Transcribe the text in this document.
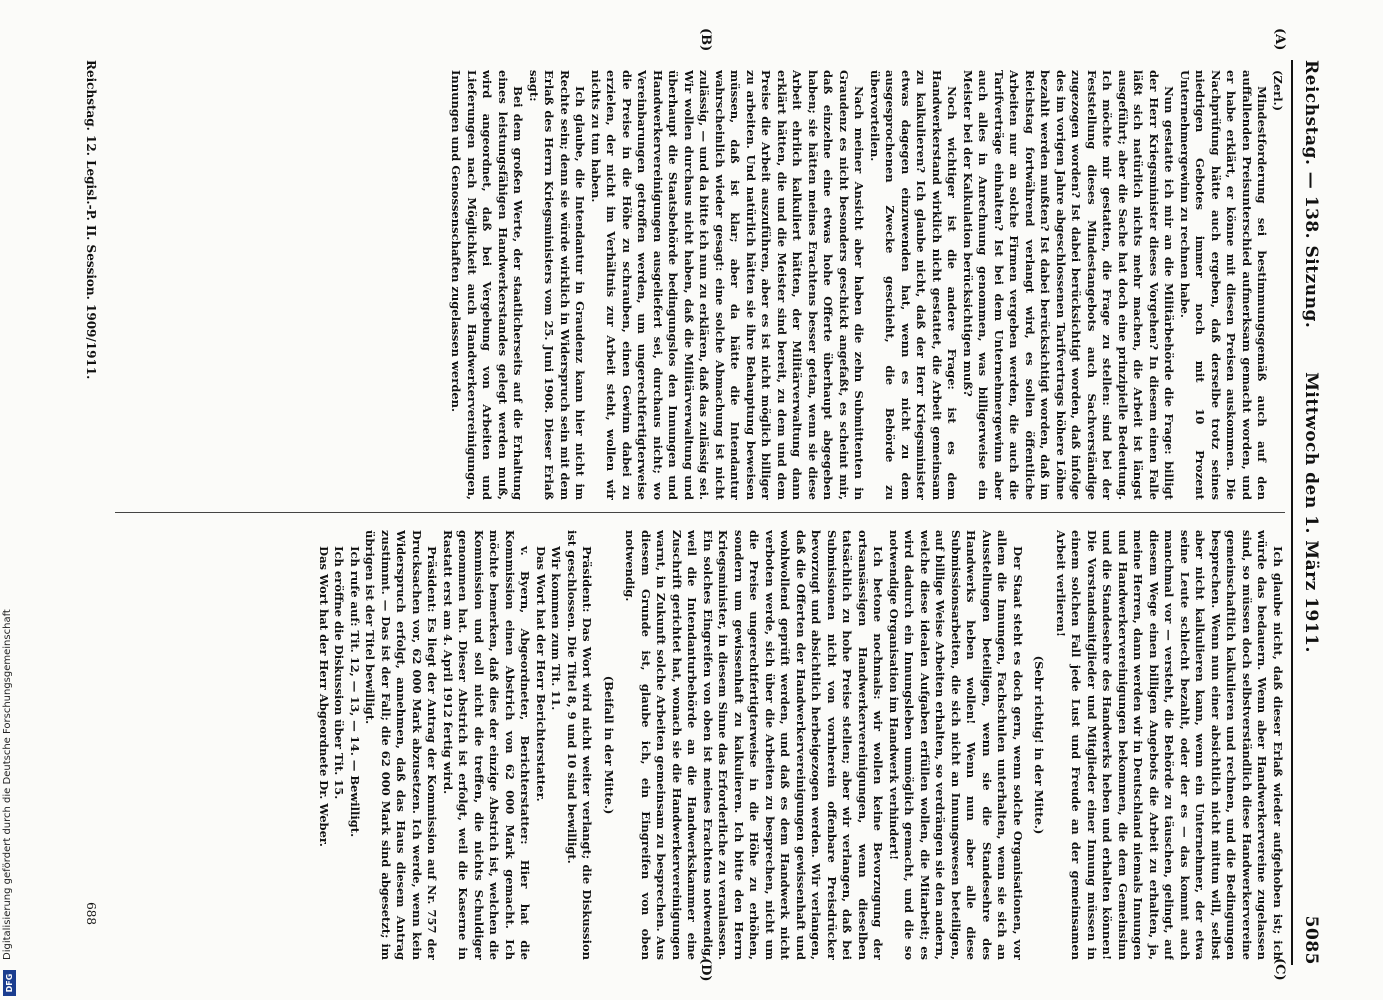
Reichstag. — 138. Sitzung.
Mittwoch den 1. März 1911.
5085
(A)
(B)
(C)
(D)

(Zerl.)

Mindestforderung sei bestimmungsgemäß auch auf den auffallenden Preisunterschied aufmerksam gemacht worden, und er habe erklärt, er könne mit diesen Preisen auskommen. Die Nachprüfung hätte auch ergeben, daß derselbe trotz seines niedrigen Gebotes immer noch mit 10 Prozent Unternehmergewinn zu rechnen habe.

Nun gestatte ich mir an die Militärbehörde die Frage: billigt der Herr Kriegsminister dieses Vorgehen? In diesem einen Falle läßt sich natürlich nichts mehr machen, die Arbeit ist längst ausgeführt; aber die Sache hat doch eine prinzipielle Bedeutung. Ich möchte mir gestatten, die Frage zu stellen: sind bei der Feststellung dieses Mindestangebots auch Sachverständige zugezogen worden? Ist dabei berücksichtigt worden, daß infolge des im vorigen Jahre abgeschlossenen Tarifvertrags höhere Löhne bezahlt werden mußten? Ist dabei berücksichtigt worden, daß im Reichstag fortwährend verlangt wird, es sollen öffentliche Arbeiten nur an solche Firmen vergeben werden, die auch die Tarifverträge einhalten? Ist bei dem Unternehmergewinn aber auch alles in Anrechnung genommen, was billigerweise ein Meister bei der Kalkulation berücksichtigen muß?

Noch wichtiger ist die andere Frage: ist es dem Handwerkerstand wirklich nicht gestattet, die Arbeit gemeinsam zu kalkulieren? Ich glaube nicht, daß der Herr Kriegsminister etwas dagegen einzuwenden hat, wenn es nicht zu dem ausgesprochenen Zwecke geschieht, die Behörde zu übervorteilen.

Nach meiner Ansicht aber haben die zehn Submittenten in Graudenz es nicht besonders geschickt angefaßt, es scheint mir, daß einzelne eine etwas hohe Offerte überhaupt abgegeben haben; sie hätten meines Erachtens besser getan, wenn sie diese Arbeit ehrlich kalkuliert hätten, der Militärverwaltung dann erklärt hätten, die und die Meister sind bereit, zu dem und dem Preise die Arbeit auszuführen, aber es ist nicht möglich billiger zu arbeiten. Und natürlich hätten sie ihre Behauptung beweisen müssen, daß ist klar; aber da hätte die Intendantur wahrscheinlich wieder gesagt: eine solche Abmachung ist nicht zulässig, — und da bitte ich nun zu erklären, daß das zulässig sei. Wir wollen durchaus nicht haben, daß die Militärverwaltung und überhaupt die Staatsbehörde bedingungslos den Innungen und Handwerkervereinigungen ausgeliefert sei, durchaus nicht; wo Vereinbarungen getroffen werden, um ungerechtfertigterweise die Preise in die Höhe zu schrauben, einen Gewinn dabei zu erzielen, der nicht im Verhältnis zur Arbeit steht, wollen wir nichts zu tun haben.

Ich glaube, die Intendantur in Graudenz kann hier nicht im Rechte sein; denn sie würde wirklich in Widerspruch sein mit dem Erlaß des Herrn Kriegsministers vom 25. Juni 1908. Dieser Erlaß sagt:

Bei dem großen Werte, der staatlicherseits auf die Erhaltung eines leistungsfähigen Handwerkerstandes gelegt werden muß, wird angeordnet, daß bei Vergebung von Arbeiten und Lieferungen nach Möglichkeit auch Handwerkervereinigungen, Innungen und Genossenschaften zugelassen werden.

Ich glaube nicht, daß dieser Erlaß wieder aufgehoben ist; ich würde das bedauern. Wenn aber Handwerkervereine zugelassen sind, so müssen doch selbstverständlich diese Handwerkervereine gemeinschaftlich kalkulieren und rechnen, und die Bedingungen besprechen. Wenn nun einer absichtlich nicht mittun will, selbst aber nicht kalkulieren kann, wenn ein Unternehmer, der etwa seine Leute schlecht bezahlt, oder der es — das kommt auch manchmal vor — versteht, die Behörde zu täuschen, gelingt, auf diesem Wege einen billigen Angebots die Arbeit zu erhalten, ja, meine Herren, dann werden wir in Deutschland niemals Innungen und Handwerkervereinigungen bekommen, die dem Gemeinsinn und die Standesehre des Handwerks heben und erhalten können! Die Vorstandsmitglieder und Mitglieder einer Innung müssen in einem solchen Fall jede Lust und Freude an der gemeinsamen Arbeit verlieren!

(Sehr richtig! in der Mitte.)

Der Staat steht es doch gern, wenn solche Organisationen, vor allem die Innungen, Fachschulen unterhalten, wenn sie sich an Ausstellungen beteiligen, wenn sie die Standesehre des Handwerks heben wollen! Wenn nun aber alle diese Submissionsarbeiten, die sich nicht an Innungswesen beteiligen, auf billige Weise Arbeiten erhalten, so verdrängen sie den andern, welche diese idealen Aufgaben erfüllen wollen, die Mitarbeit; es wird dadurch ein Innungsleben unmöglich gemacht, und die so notwendige Organisation im Handwerk verhindert!

Ich betone nochmals: wir wollen keine Bevorzugung der ortsansässigen Handwerkervereinigungen, wenn dieselben tatsächlich zu hohe Preise stellen; aber wir verlangen, daß bei Submissionen nicht von vornherein offenbare Preisdrücker bevorzugt und absichtlich herbeigezogen werden. Wir verlangen, daß die Offerten der Handwerkervereinigungen gewissenhaft und wohlwollend geprüft werden, und daß es dem Handwerk nicht verboten werde, sich über die Arbeiten zu besprechen, nicht um die Preise ungerechtfertigterweise in die Höhe zu erhöhen, sondern um gewissenhaft zu kalkulieren. Ich bitte den Herrn Kriegsminister, in diesem Sinne das Erforderliche zu veranlassen. Ein solches Eingreifen von oben ist meines Erachtens notwendig, weil die Intendanturbehörde an die Handwerkskammer eine Zuschrift gerichtet hat, wonach sie die Handwerkervereinigungen warnt, in Zukunft solche Arbeiten gemeinsam zu besprechen. Aus diesem Grunde ist, glaube ich, ein Eingreifen von oben notwendig.

(Beifall in der Mitte.)

Präsident: Das Wort wird nicht weiter verlangt; die Diskussion ist geschlossen. Die Titel 8, 9 und 10 sind bewilligt.

Wir kommen zum Tit. 11.

Das Wort hat der Herr Berichterstatter.

v. Byern, Abgeordneter, Berichterstatter: Hier hat die Kommission einen Abstrich von 62 000 Mark gemacht. Ich möchte bemerken, daß dies der einzige Abstrich ist, welchen die Kommission und soll nicht die treffen, die nichts Schuldiger genommen hat. Dieser Abstrich ist erfolgt, weil die Kaserne in Rastatt erst am 4. April 1912 fertig wird.

Präsident: Es liegt der Antrag der Kommission auf Nr. 757 der Drucksachen vor, 62 000 Mark abzusetzen. Ich werde, wenn kein Widerspruch erfolgt, annehmen, daß das Haus diesem Antrag zustimmt. — Das ist der Fall; die 62 000 Mark sind abgesetzt; im übrigen ist der Titel bewilligt.

Ich rufe auf: Tit. 12, — 13, — 14. — Bewilligt.

Ich eröffne die Diskussion über Tit. 15.

Das Wort hat der Herr Abgeordnete Dr. Weber.

Reichstag. 12. Legisl.-P. II. Session. 1909/1911.
688
Digitalisierung gefördert durch die Deutsche Forschungsgemeinschaft
DFG
